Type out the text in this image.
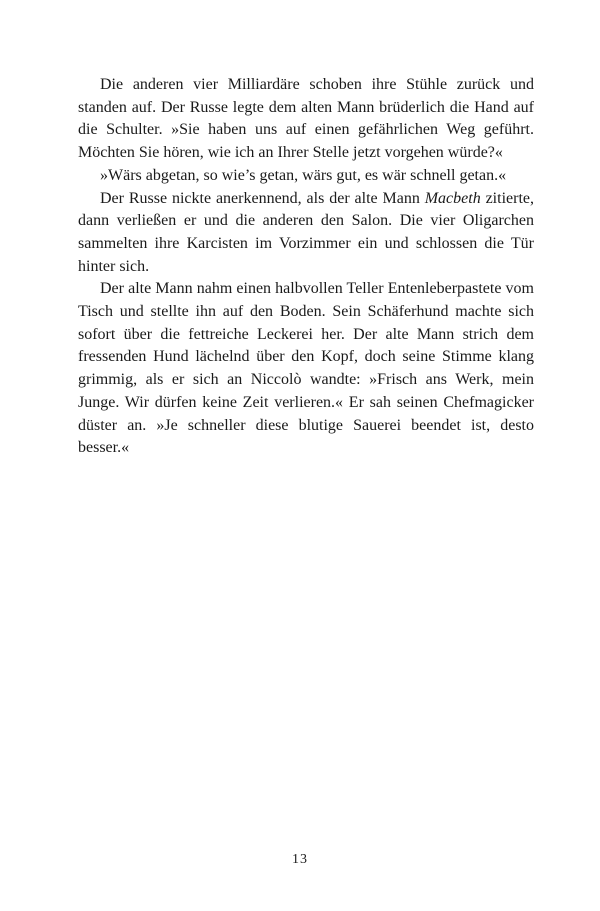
Die anderen vier Milliardäre schoben ihre Stühle zurück und standen auf. Der Russe legte dem alten Mann brüderlich die Hand auf die Schulter. »Sie haben uns auf einen gefährlichen Weg geführt. Möchten Sie hören, wie ich an Ihrer Stelle jetzt vorgehen würde?«

»Wärs abgetan, so wie’s getan, wärs gut, es wär schnell getan.«

Der Russe nickte anerkennend, als der alte Mann Macbeth zitierte, dann verließen er und die anderen den Salon. Die vier Oligarchen sammelten ihre Karcisten im Vorzimmer ein und schlossen die Tür hinter sich.

Der alte Mann nahm einen halbvollen Teller Entenleberpastete vom Tisch und stellte ihn auf den Boden. Sein Schäferhund machte sich sofort über die fettreiche Leckerei her. Der alte Mann strich dem fressenden Hund lächelnd über den Kopf, doch seine Stimme klang grimmig, als er sich an Niccolò wandte: »Frisch ans Werk, mein Junge. Wir dürfen keine Zeit verlieren.« Er sah seinen Chefmagicker düster an. »Je schneller diese blutige Sauerei beendet ist, desto besser.«

13
